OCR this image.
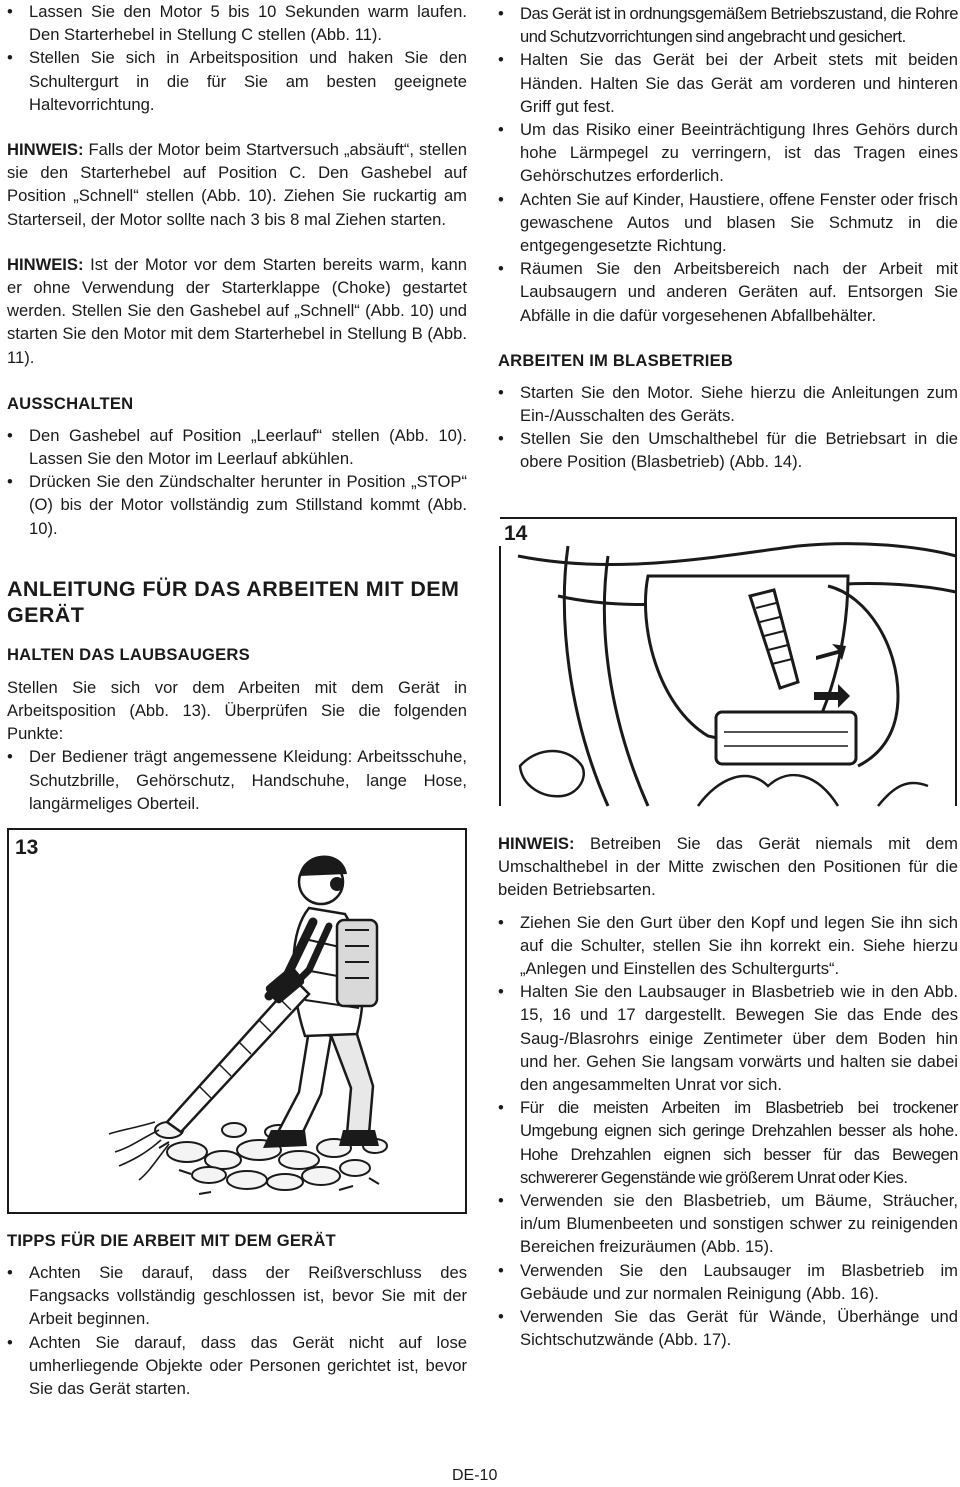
• Lassen Sie den Motor 5 bis 10 Sekunden warm laufen. Den Starterhebel in Stellung C stellen (Abb. 11).
• Stellen Sie sich in Arbeitsposition und haken Sie den Schultergurt in die für Sie am besten geeignete Haltevorrichtung.

HINWEIS: Falls der Motor beim Startversuch „absäuft“, stellen sie den Starterhebel auf Position C. Den Gashebel auf Position „Schnell“ stellen (Abb. 10). Ziehen Sie ruckartig am Starterseil, der Motor sollte nach 3 bis 8 mal Ziehen starten.

HINWEIS: Ist der Motor vor dem Starten bereits warm, kann er ohne Verwendung der Starterklappe (Choke) gestartet werden. Stellen Sie den Gashebel auf „Schnell“ (Abb. 10) und starten Sie den Motor mit dem Starterhebel in Stellung B (Abb. 11).

AUSSCHALTEN
• Den Gashebel auf Position „Leerlauf“ stellen (Abb. 10). Lassen Sie den Motor im Leerlauf abkühlen.
• Drücken Sie den Zündschalter herunter in Position „STOP“ (O) bis der Motor vollständig zum Stillstand kommt (Abb. 10).
ANLEITUNG FÜR DAS ARBEITEN MIT DEM GERÄT
HALTEN DAS LAUBSAUGERS

Stellen Sie sich vor dem Arbeiten mit dem Gerät in Arbeitsposition (Abb. 13). Überprüfen Sie die folgenden Punkte:

• Der Bediener trägt angemessene Kleidung: Arbeitsschuhe, Schutzbrille, Gehörschutz, Handschuhe, lange Hose, langärmeliges Oberteil.
13
TIPPS FÜR DIE ARBEIT MIT DEM GERÄT
• Achten Sie darauf, dass der Reißverschluss des Fangsacks vollständig geschlossen ist, bevor Sie mit der Arbeit beginnen.
• Achten Sie darauf, dass das Gerät nicht auf lose umherliegende Objekte oder Personen gerichtet ist, bevor Sie das Gerät starten.
• Das Gerät ist in ordnungsgemäßem Betriebszustand, die Rohre und Schutzvorrichtungen sind angebracht und gesichert.
• Halten Sie das Gerät bei der Arbeit stets mit beiden Händen. Halten Sie das Gerät am vorderen und hinteren Griff gut fest.
• Um das Risiko einer Beeinträchtigung Ihres Gehörs durch hohe Lärmpegel zu verringern, ist das Tragen eines Gehörschutzes erforderlich.
• Achten Sie auf Kinder, Haustiere, offene Fenster oder frisch gewaschene Autos und blasen Sie Schmutz in die entgegengesetzte Richtung.
• Räumen Sie den Arbeitsbereich nach der Arbeit mit Laubsaugern und anderen Geräten auf. Entsorgen Sie Abfälle in die dafür vorgesehenen Abfallbehälter.
ARBEITEN IM BLASBETRIEB
• Starten Sie den Motor. Siehe hierzu die Anleitungen zum Ein-/Ausschalten des Geräts.
• Stellen Sie den Umschalthebel für die Betriebsart in die obere Position (Blasbetrieb) (Abb. 14).
14

HINWEIS: Betreiben Sie das Gerät niemals mit dem Umschalthebel in der Mitte zwischen den Positionen für die beiden Betriebsarten.

• Ziehen Sie den Gurt über den Kopf und legen Sie ihn sich auf die Schulter, stellen Sie ihn korrekt ein. Siehe hierzu „Anlegen und Einstellen des Schultergurts“.
• Halten Sie den Laubsauger in Blasbetrieb wie in den Abb. 15, 16 und 17 dargestellt. Bewegen Sie das Ende des Saug-/Blasrohrs einige Zentimeter über dem Boden hin und her. Gehen Sie langsam vorwärts und halten sie dabei den angesammelten Unrat vor sich.
• Für die meisten Arbeiten im Blasbetrieb bei trockener Umgebung eignen sich geringe Drehzahlen besser als hohe. Hohe Drehzahlen eignen sich besser für das Bewegen schwererer Gegenstände wie größerem Unrat oder Kies.
• Verwenden sie den Blasbetrieb, um Bäume, Sträucher, in/um Blumenbeeten und sonstigen schwer zu reinigenden Bereichen freizuräumen (Abb. 15).
• Verwenden Sie den Laubsauger im Blasbetrieb im Gebäude und zur normalen Reinigung (Abb. 16).
• Verwenden Sie das Gerät für Wände, Überhänge und Sichtschutzwände (Abb. 17).
DE-10
